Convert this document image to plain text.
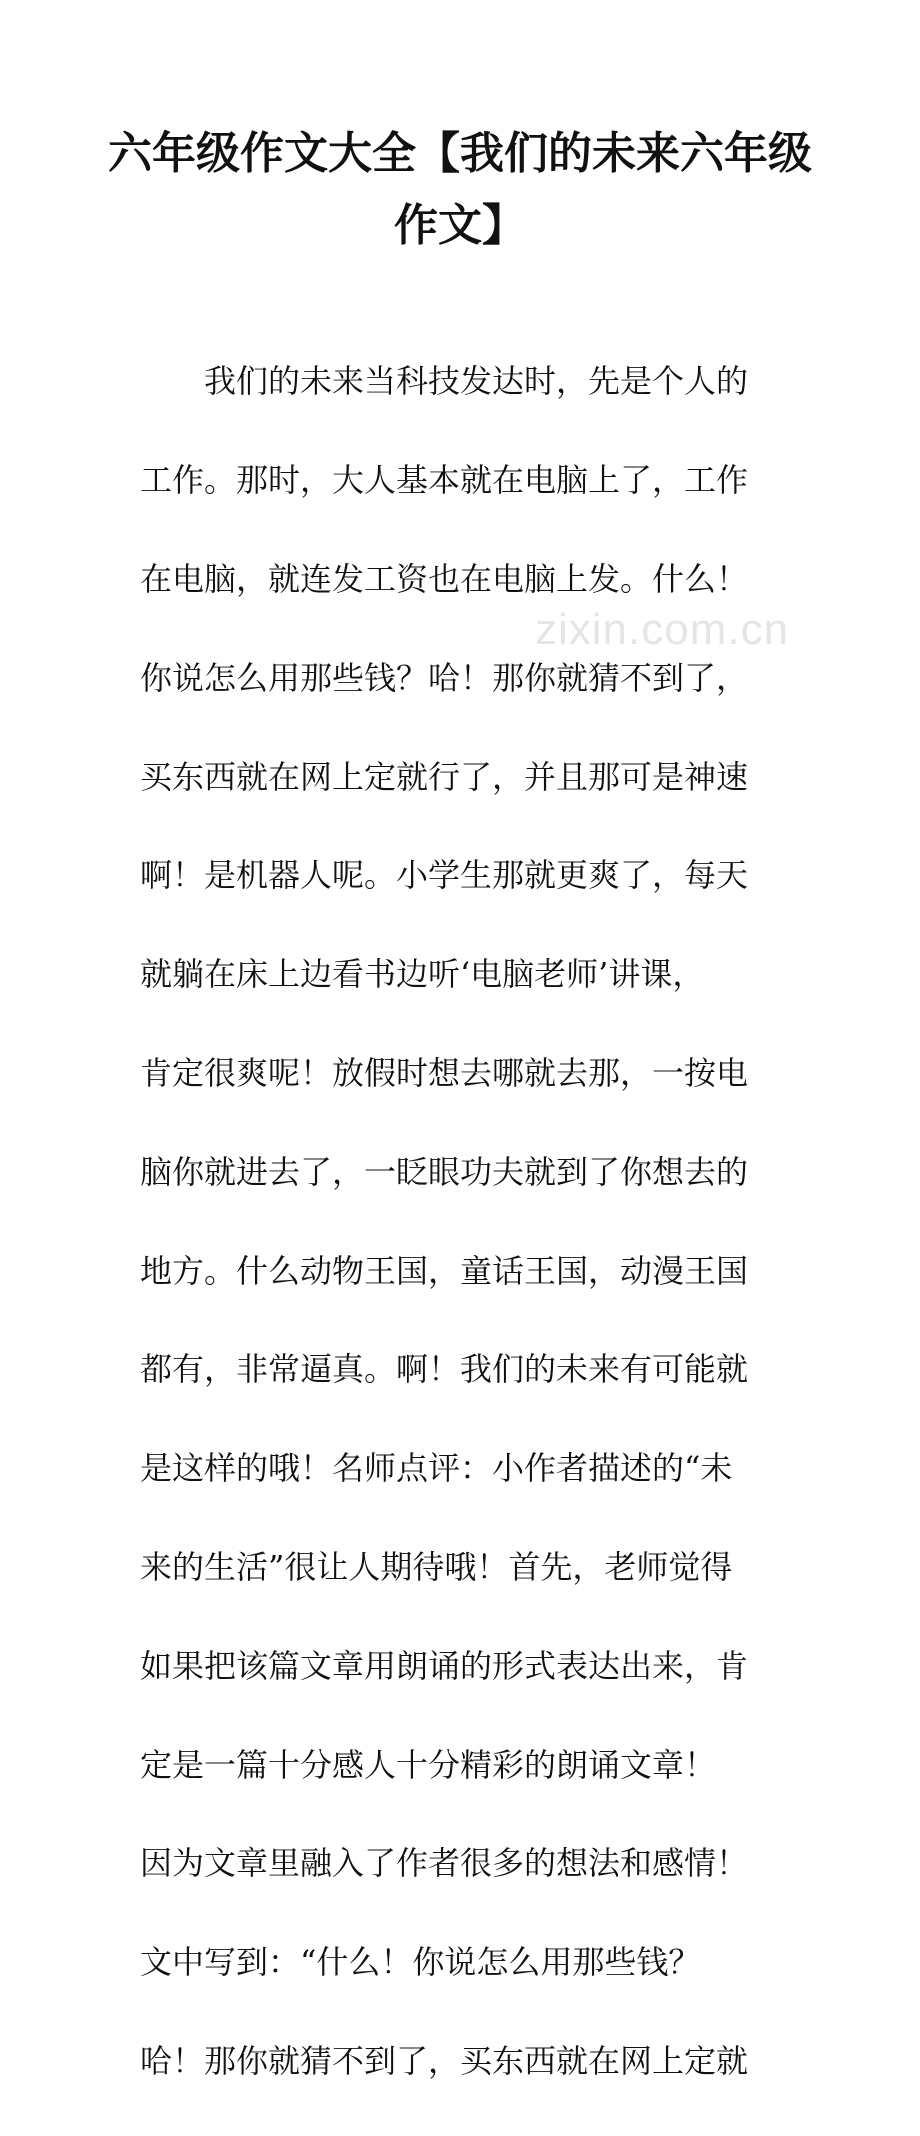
六年级作文大全【我们的未来六年级
作文】
zixin.com.cn

　　我们的未来当科技发达时，先是个人的

工作。那时，大人基本就在电脑上了，工作

在电脑，就连发工资也在电脑上发。什么！

你说怎么用那些钱？哈！那你就猜不到了，

买东西就在网上定就行了，并且那可是神速

啊！是机器人呢。小学生那就更爽了，每天

就躺在床上边看书边听‘电脑老师’讲课，

肯定很爽呢！放假时想去哪就去那，一按电

脑你就进去了，一眨眼功夫就到了你想去的

地方。什么动物王国，童话王国，动漫王国

都有，非常逼真。啊！我们的未来有可能就

是这样的哦！名师点评：小作者描述的“未

来的生活”很让人期待哦！首先，老师觉得

如果把该篇文章用朗诵的形式表达出来，肯

定是一篇十分感人十分精彩的朗诵文章！

因为文章里融入了作者很多的想法和感情！

文中写到：“什么！你说怎么用那些钱？

哈！那你就猜不到了，买东西就在网上定就
